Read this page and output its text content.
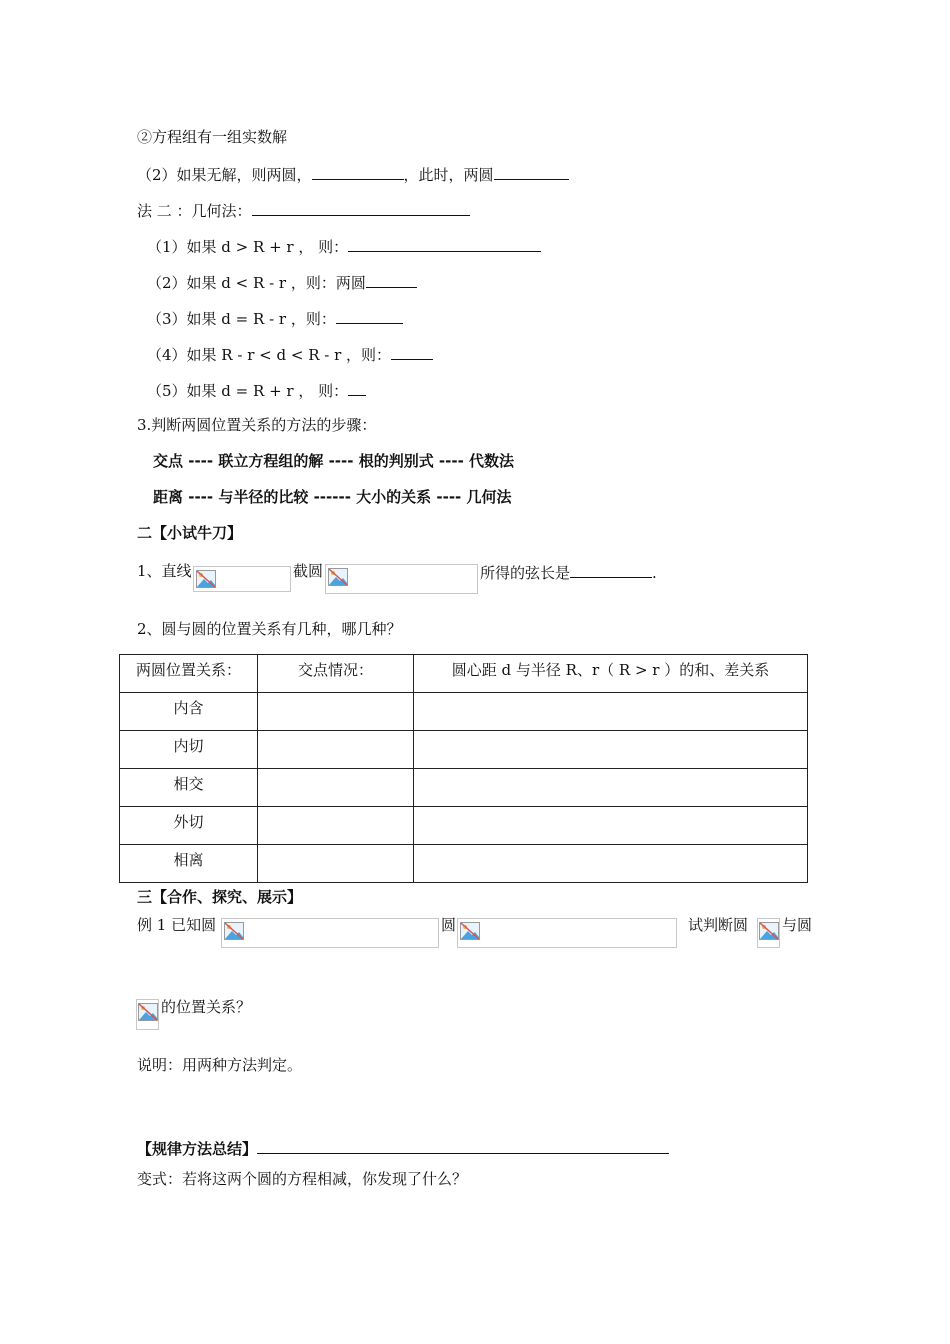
②方程组有一组实数解
（2）如果无解，则两圆，	，此时，两圆
法 二 ：几何法：
（1）如果 d > R + r ， 则：
（2）如果 d < R - r ，则：两圆
（3）如果 d = R - r ，则：
（4）如果 R - r < d < R - r ，则：
（5）如果 d = R + r ， 则：
3.判断两圆位置关系的方法的步骤：
交点 ---- 联立方程组的解 ---- 根的判别式 ---- 代数法
距离 ---- 与半径的比较 ------ 大小的关系 ---- 几何法
二【小试牛刀】
1、直线	截圆	所得的弦长是	.
2、圆与圆的位置关系有几种，哪几种？
两圆位置关系：	交点情况：	圆心距 d 与半径 R、r（ R > r ）的和、差关系

内含		

内切		

相交		

外切		

相离		

三【合作、探究、展示】
例 1 已知圆	圆	试判断圆 与圆
的位置关系？
说明：用两种方法判定。
【规律方法总结】
变式：若将这两个圆的方程相减，你发现了什么？
